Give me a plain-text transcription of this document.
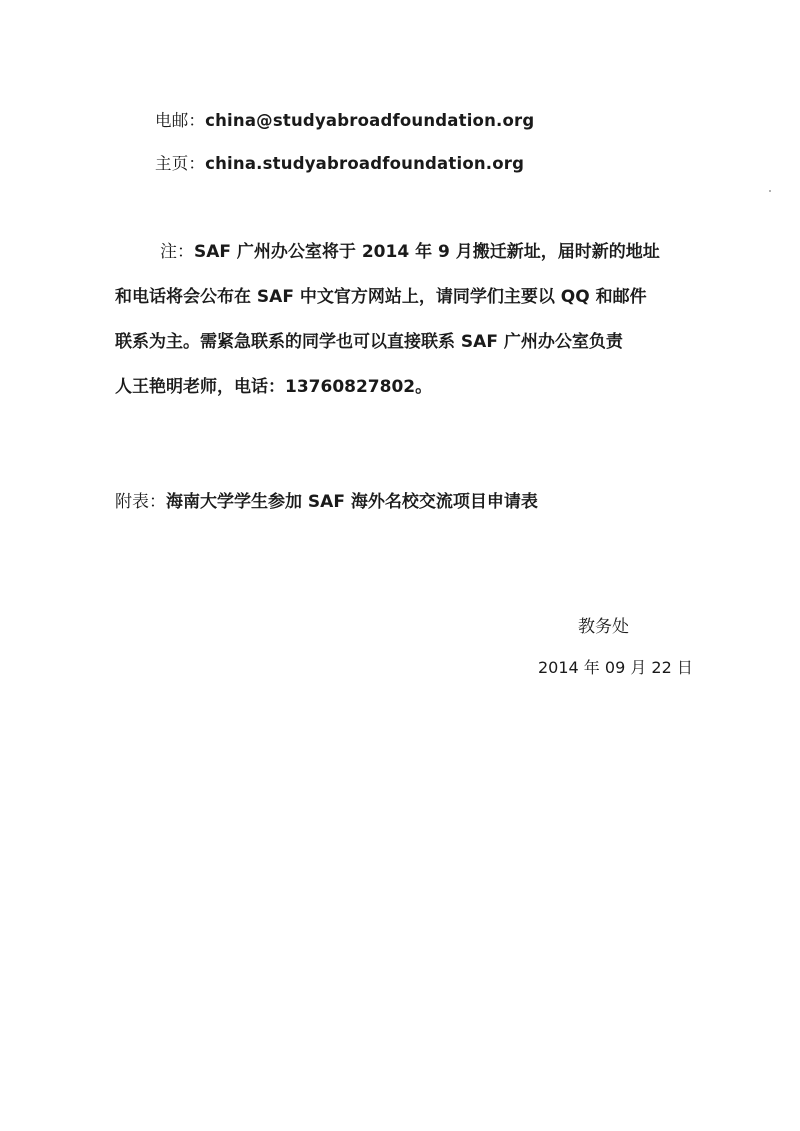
电邮：china@studyabroadfoundation.org
主页：china.studyabroadfoundation.org
注：SAF 广州办公室将于 2014 年 9 月搬迁新址，届时新的地址
和电话将会公布在 SAF 中文官方网站上，请同学们主要以 QQ 和邮件
联系为主。需紧急联系的同学也可以直接联系 SAF 广州办公室负责
人王艳明老师，电话：13760827802。
附表：海南大学学生参加 SAF 海外名校交流项目申请表
教务处
2014 年 09 月 22 日
